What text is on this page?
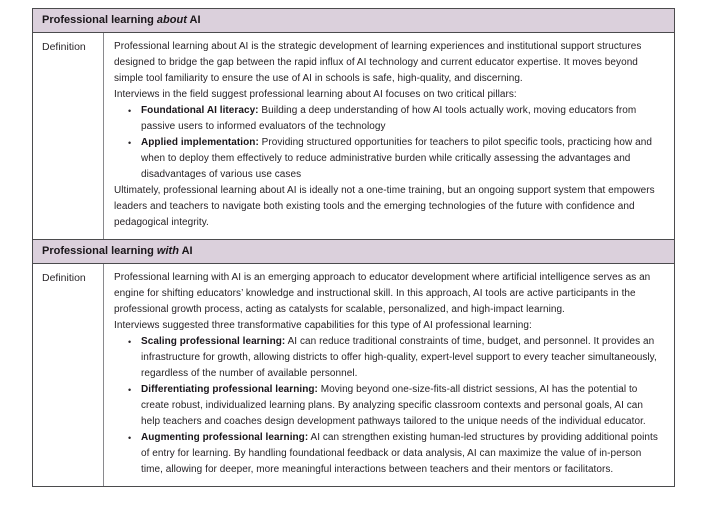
Professional learning about AI
Definition	Professional learning about AI is the strategic development of learning experiences and institutional support structures designed to bridge the gap between the rapid influx of AI technology and current educator expertise. It moves beyond simple tool familiarity to ensure the use of AI in schools is safe, high-quality, and discerning.
Interviews in the field suggest professional learning about AI focuses on two critical pillars:
• Foundational AI literacy: Building a deep understanding of how AI tools actually work, moving educators from passive users to informed evaluators of the technology
• Applied implementation: Providing structured opportunities for teachers to pilot specific tools, practicing how and when to deploy them effectively to reduce administrative burden while critically assessing the advantages and disadvantages of various use cases
Ultimately, professional learning about AI is ideally not a one-time training, but an ongoing support system that empowers leaders and teachers to navigate both existing tools and the emerging technologies of the future with confidence and pedagogical integrity.
Professional learning with AI
Definition	Professional learning with AI is an emerging approach to educator development where artificial intelligence serves as an engine for shifting educators’ knowledge and instructional skill. In this approach, AI tools are active participants in the professional growth process, acting as catalysts for scalable, personalized, and high-impact learning.
Interviews suggested three transformative capabilities for this type of AI professional learning:
• Scaling professional learning: AI can reduce traditional constraints of time, budget, and personnel. It provides an infrastructure for growth, allowing districts to offer high-quality, expert-level support to every teacher simultaneously, regardless of the number of available personnel.
• Differentiating professional learning: Moving beyond one-size-fits-all district sessions, AI has the potential to create robust, individualized learning plans. By analyzing specific classroom contexts and personal goals, AI can help teachers and coaches design development pathways tailored to the unique needs of the individual educator.
• Augmenting professional learning: AI can strengthen existing human-led structures by providing additional points of entry for learning. By handling foundational feedback or data analysis, AI can maximize the value of in-person time, allowing for deeper, more meaningful interactions between teachers and their mentors or facilitators.
